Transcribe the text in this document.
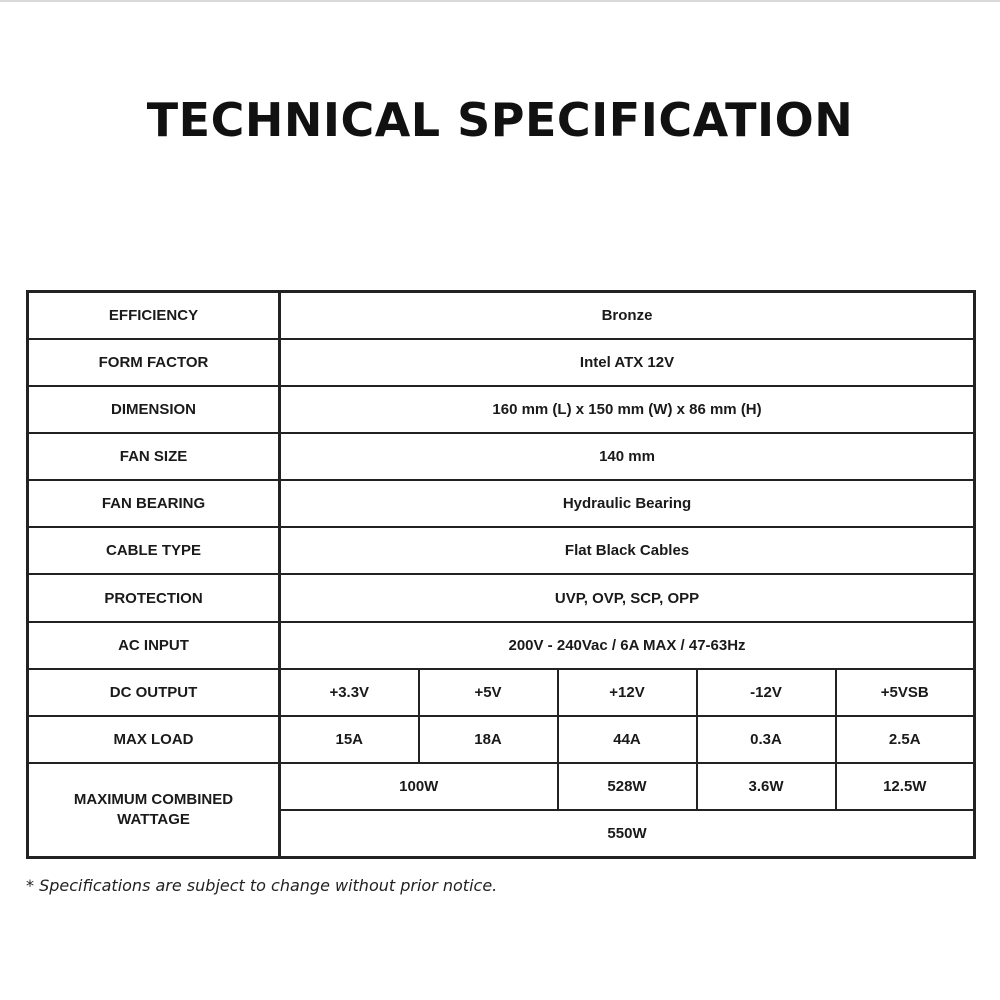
TECHNICAL SPECIFICATION
EFFICIENCY	Bronze				
FORM FACTOR	Intel ATX 12V				
DIMENSION	160 mm (L) x 150 mm (W) x 86 mm (H)				
FAN SIZE	140 mm				
FAN BEARING	Hydraulic Bearing				
CABLE TYPE	Flat Black Cables				
PROTECTION	UVP, OVP, SCP, OPP				
AC INPUT	200V - 240Vac / 6A MAX / 47-63Hz				
DC OUTPUT	+3.3V	+5V	+12V	-12V	+5VSB
MAX LOAD	15A	18A	44A	0.3A	2.5A
MAXIMUM COMBINED
WATTAGE	100W		528W	3.6W	12.5W
	550W				

* Specifications are subject to change without prior notice.
